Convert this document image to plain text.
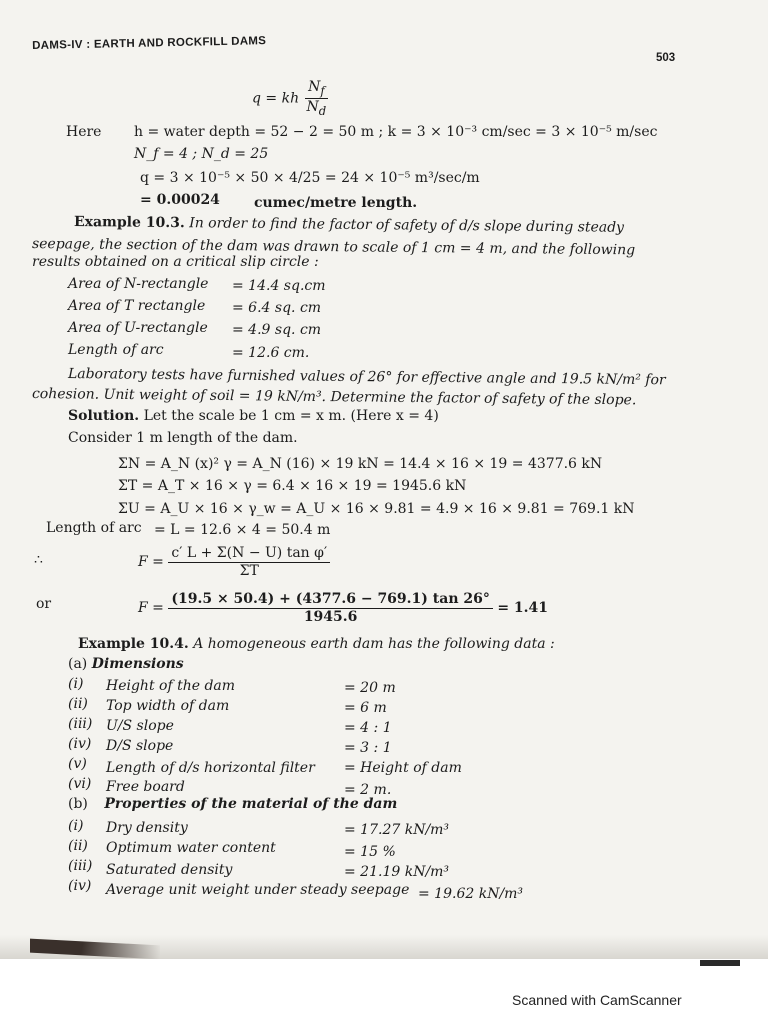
DAMS-IV : EARTH AND ROCKFILL DAMS
503
q = kh $\frac{N_f}{N_d}$
Here h = water depth = 52 − 2 = 50 m ; k = 3 × 10⁻³ cm/sec = 3 × 10⁻⁵ m/sec
N_f = 4 ; N_d = 25
q = 3 × 10⁻⁵ × 50 × 4/25 = 24 × 10⁻⁵ m³/sec/m
= 0.00024 cumec/metre length.
Example 10.3. In order to find the factor of safety of d/s slope during steady
seepage, the section of the dam was drawn to scale of 1 cm = 4 m, and the following
results obtained on a critical slip circle :
Area of N-rectangle = 14.4 sq.cm
Area of T rectangle = 6.4 sq. cm
Area of U-rectangle = 4.9 sq. cm
Length of arc	= 12.6 cm.
Laboratory tests have furnished values of 26° for effective angle and 19.5 kN/m² for
cohesion. Unit weight of soil = 19 kN/m³. Determine the factor of safety of the slope.
Solution. Let the scale be 1 cm = x m. (Here x = 4)
Consider 1 m length of the dam.
ΣN = A_N (x)² γ = A_N (16) × 19 kN = 14.4 × 16 × 19 = 4377.6 kN
ΣT = A_T × 16 × γ = 6.4 × 16 × 19 = 1945.6 kN
ΣU = A_U × 16 × γ_w = A_U × 16 × 9.81 = 4.9 × 16 × 9.81 = 769.1 kN
Length of arc = L = 12.6 × 4 = 50.4 m
∴	$F = \frac{\text{c′ L + Σ(N − U) tan φ′}}{\Sigma T}$
or	$F = \frac{(19.5 \times 50.4) + (4377.6 - 769.1) \tan 26^\circ}{1945.6} = 1.41$
Example 10.4. A homogeneous earth dam has the following data :
(a) Dimensions
(i) Height of the dam	= 20 m
(ii) Top width of dam	= 6 m
(iii) U/S slope	= 4 : 1
(iv) D/S slope	= 3 : 1
(v) Length of d/s horizontal filter = Height of dam
(vi) Free board	= 2 m.
(b) Properties of the material of the dam
(i) Dry density	= 17.27 kN/m³
(ii) Optimum water content	= 15 %
(iii) Saturated density	= 21.19 kN/m³
(iv) Average unit weight under steady seepage = 19.62 kN/m³
Scanned with CamScanner
